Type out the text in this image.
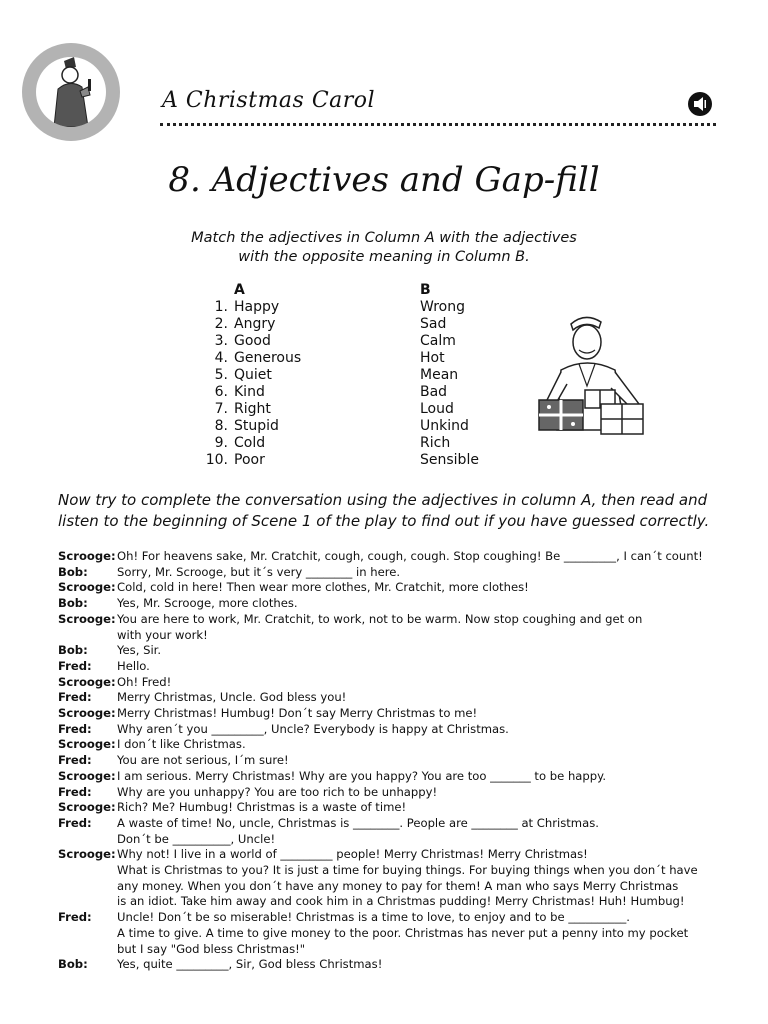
A Christmas Carol
8. Adjectives and Gap-fill
Match the adjectives in Column A with the adjectives
with the opposite meaning in Column B.
A	B
1. Happy	Wrong
2. Angry	Sad
3. Good	Calm
4. Generous	Hot
5. Quiet	Mean
6. Kind	Bad
7. Right	Loud
8. Stupid	Unkind
9. Cold	Rich
10. Poor	Sensible
Now try to complete the conversation using the adjectives in column A, then read and
listen to the beginning of Scene 1 of the play to find out if you have guessed correctly.
Scrooge: Oh! For heavens sake, Mr. Cratchit, cough, cough, cough. Stop coughing! Be _________, I can´t count!
Bob:	Sorry, Mr. Scrooge, but it´s very ________ in here.
Scrooge: Cold, cold in here! Then wear more clothes, Mr. Cratchit, more clothes!
Bob:	Yes, Mr. Scrooge, more clothes.
Scrooge: You are here to work, Mr. Cratchit, to work, not to be warm. Now stop coughing and get on
with your work!
Bob:	Yes, Sir.
Fred:	Hello.
Scrooge: Oh! Fred!
Fred:	Merry Christmas, Uncle. God bless you!
Scrooge: Merry Christmas! Humbug! Don´t say Merry Christmas to me!
Fred:	Why aren´t you _________, Uncle? Everybody is happy at Christmas.
Scrooge: I don´t like Christmas.
Fred:	You are not serious, I´m sure!
Scrooge: I am serious. Merry Christmas! Why are you happy? You are too _______ to be happy.
Fred:	Why are you unhappy? You are too rich to be unhappy!
Scrooge: Rich? Me? Humbug! Christmas is a waste of time!
Fred:	A waste of time! No, uncle, Christmas is ________. People are ________ at Christmas.
Don´t be __________, Uncle!
Scrooge: Why not! I live in a world of _________ people! Merry Christmas! Merry Christmas!
What is Christmas to you? It is just a time for buying things. For buying things when you don´t have
any money. When you don´t have any money to pay for them! A man who says Merry Christmas
is an idiot. Take him away and cook him in a Christmas pudding! Merry Christmas! Huh! Humbug!
Fred:	Uncle! Don´t be so miserable! Christmas is a time to love, to enjoy and to be __________.
A time to give. A time to give money to the poor. Christmas has never put a penny into my pocket
but I say "God bless Christmas!"
Bob:	Yes, quite _________, Sir, God bless Christmas!
